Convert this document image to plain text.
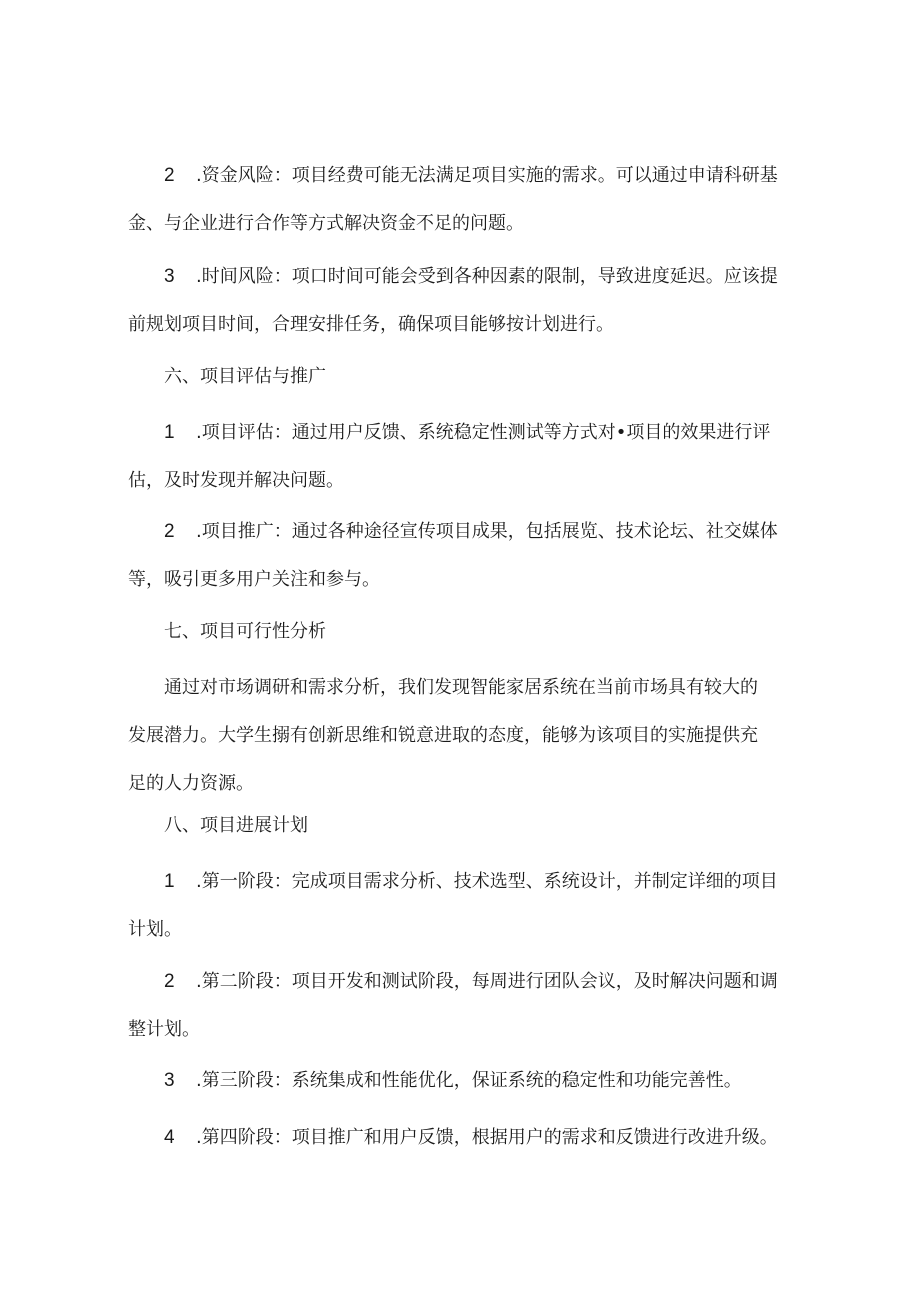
2 .资金风险：项目经费可能无法满足项目实施的需求。可以通过申请科研基
金、与企业进行合作等方式解决资金不足的问题。

3 .时间风险：项口时间可能会受到各种因素的限制，导致进度延迟。应该提
前规划项目时间，合理安排任务，确保项目能够按计划进行。

六、项目评估与推广

1 .项目评估：通过用户反馈、系统稳定性测试等方式对•项目的效果进行评
估，及时发现并解决问题。

2 .项目推广：通过各种途径宣传项目成果，包括展览、技术论坛、社交媒体
等，吸引更多用户关注和参与。

七、项目可行性分析

通过对市场调研和需求分析，我们发现智能家居系统在当前市场具有较大的
发展潜力。大学生搦有创新思维和锐意进取的态度，能够为该项目的实施提供充
足的人力资源。

八、项目进展计划

1 .第一阶段：完成项目需求分析、技术选型、系统设计，并制定详细的项目
计划。

2 .第二阶段：项目开发和测试阶段，每周进行团队会议，及时解决问题和调
整计划。

3 .第三阶段：系统集成和性能优化，保证系统的稳定性和功能完善性。

4 .第四阶段：项目推广和用户反馈，根据用户的需求和反馈进行改进升级。
